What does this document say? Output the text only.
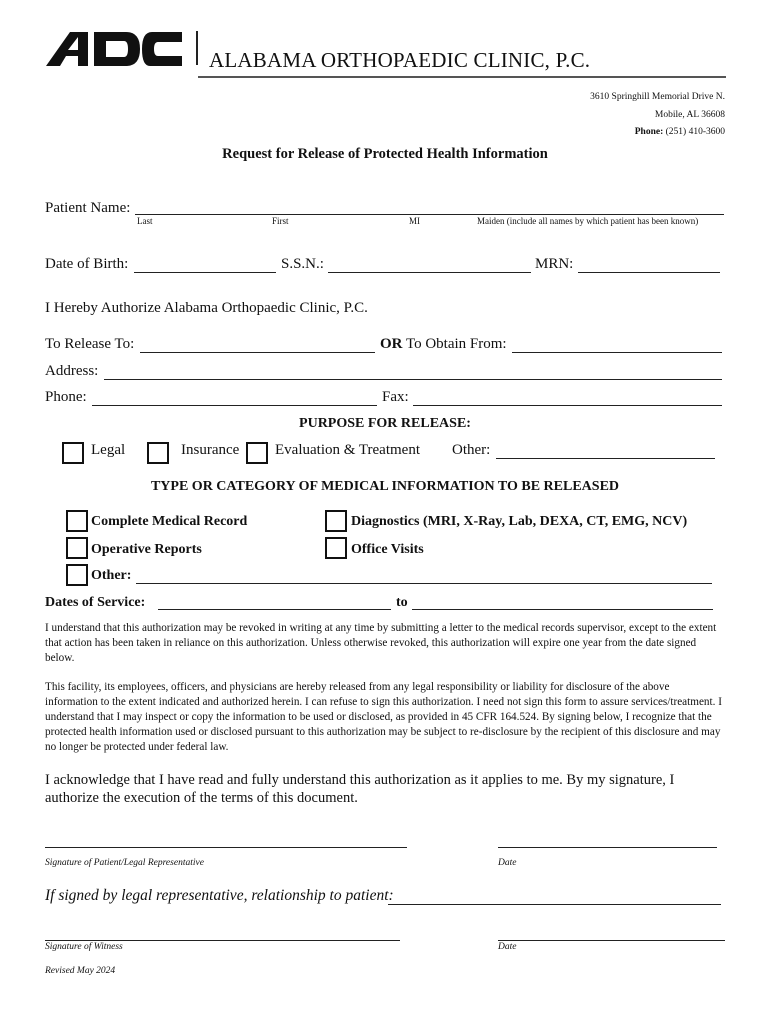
ALABAMA ORTHOPAEDIC CLINIC, P.C.
3610 Springhill Memorial Drive N.
Mobile, AL 36608
Phone: (251) 410-3600
Request for Release of Protected Health Information
Patient Name:
Last	First	MI	Maiden (include all names by which patient has been known)
Date of Birth:	S.S.N.:	MRN:
I Hereby Authorize Alabama Orthopaedic Clinic, P.C.
To Release To:	OR To Obtain From:
Address:
Phone:	Fax:
PURPOSE FOR RELEASE:
Legal	Insurance Evaluation & Treatment Other:
TYPE OR CATEGORY OF MEDICAL INFORMATION TO BE RELEASED
Complete Medical Record	Diagnostics (MRI, X-Ray, Lab, DEXA, CT, EMG, NCV)
Operative Reports	Office Visits
Other:
Dates of Service:	to
I understand that this authorization may be revoked in writing at any time by submitting a letter to the medical records supervisor, except to the extent that action has been taken in reliance on this authorization. Unless otherwise revoked, this authorization will expire one year from the date signed below.
This facility, its employees, officers, and physicians are hereby released from any legal responsibility or liability for disclosure of the above information to the extent indicated and authorized herein. I can refuse to sign this authorization. I need not sign this form to assure services/treatment. I understand that I may inspect or copy the information to be used or disclosed, as provided in 45 CFR 164.524. By signing below, I recognize that the protected health information used or disclosed pursuant to this authorization may be subject to re-disclosure by the recipient of this disclosure and may no longer be protected under federal law.
I acknowledge that I have read and fully understand this authorization as it applies to me. By my signature, I authorize the execution of the terms of this document.
Signature of Patient/Legal Representative	Date
If signed by legal representative, relationship to patient:
Signature of Witness	Date
Revised May 2024
